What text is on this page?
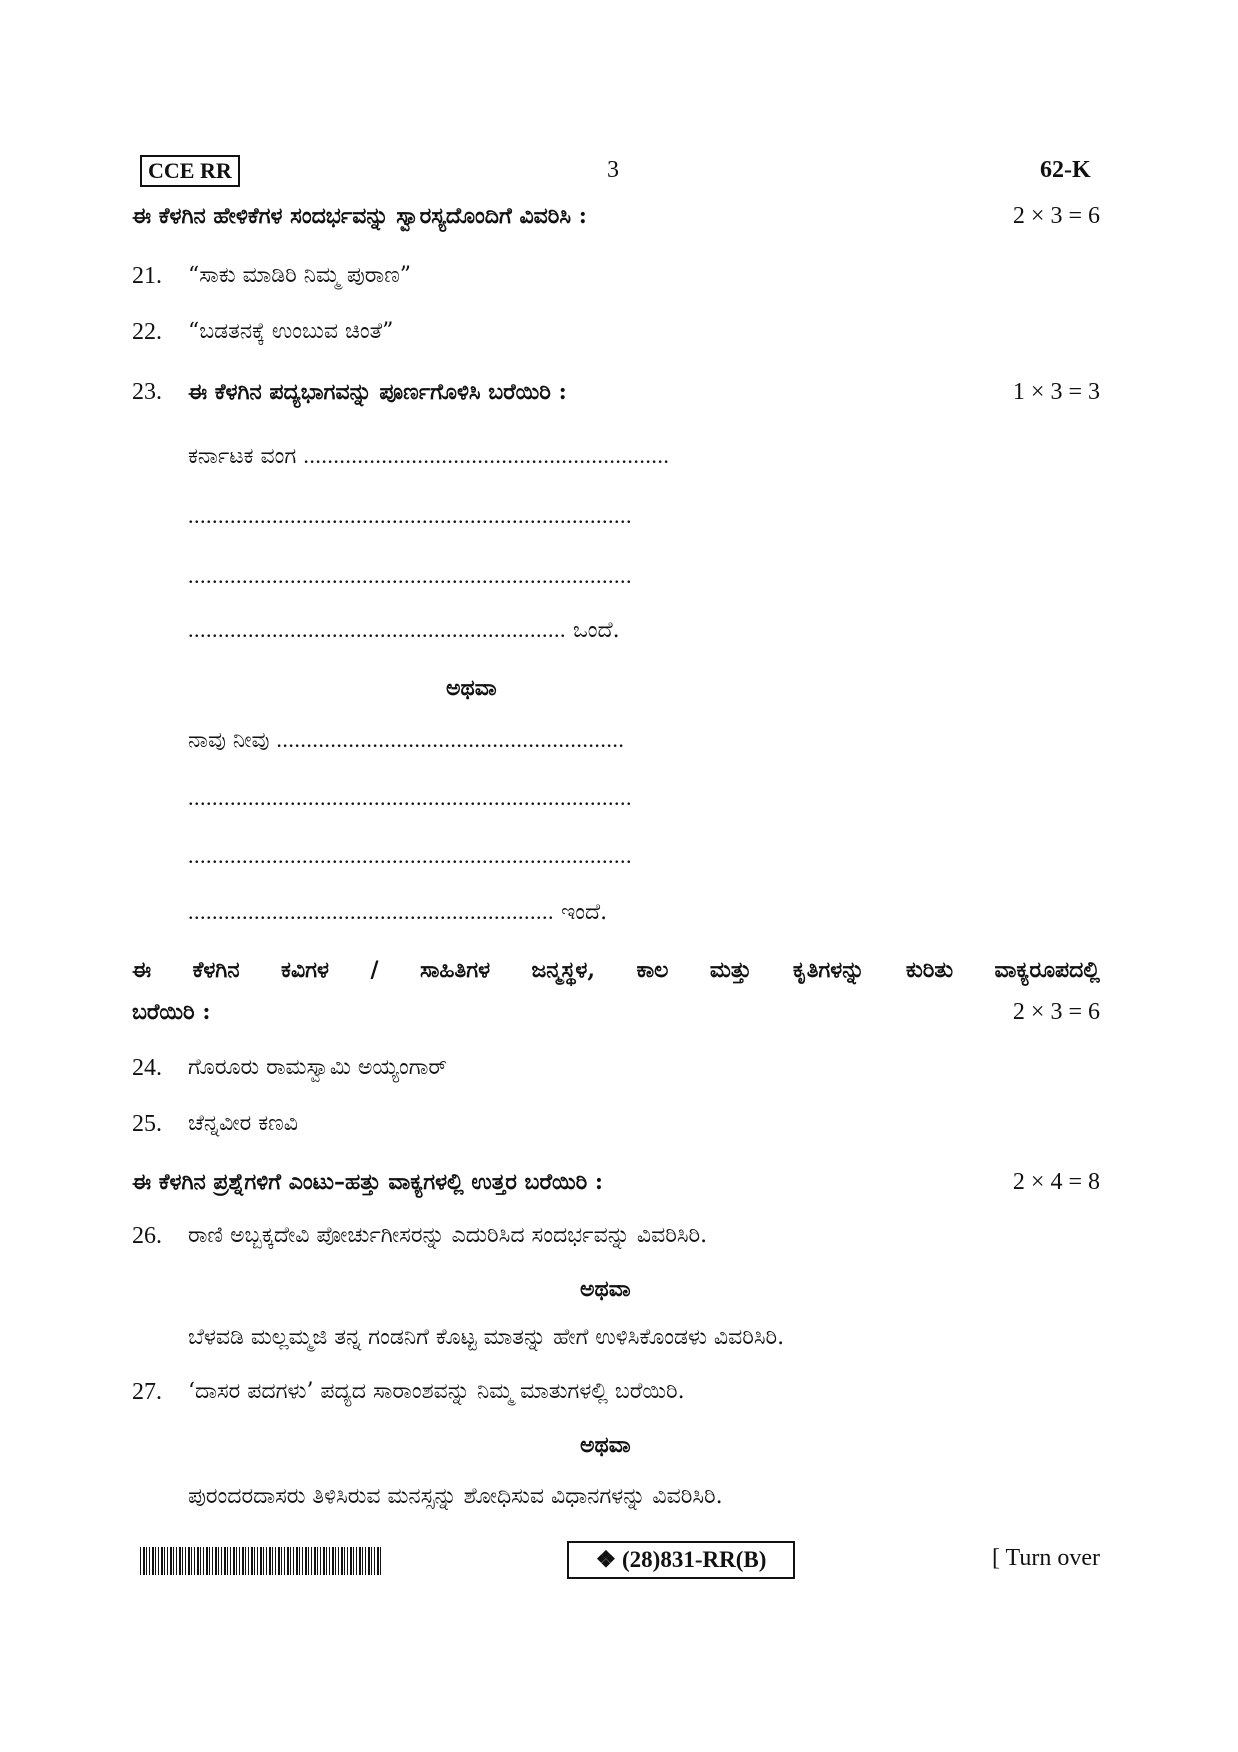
CCE RR	3	62-K
ಈ ಕೆಳಗಿನ ಹೇಳಿಕೆಗಳ ಸಂದರ್ಭವನ್ನು ಸ್ವಾರಸ್ಯದೊಂದಿಗೆ ವಿವರಿಸಿ :	2 × 3 = 6
21. “ಸಾಕು ಮಾಡಿರಿ ನಿಮ್ಮ ಪುರಾಣ”
22. “ಬಡತನಕ್ಕೆ ಉಂಬುವ ಚಿಂತೆ”
23. ಈ ಕೆಳಗಿನ ಪದ್ಯಭಾಗವನ್ನು ಪೂರ್ಣಗೊಳಿಸಿ ಬರೆಯಿರಿ :	1 × 3 = 3
ಕರ್ನಾಟಕ ವಂಗ .............................................................
..........................................................................
..........................................................................
............................................................... ಒಂದೆ.
ಅಥವಾ
ನಾವು ನೀವು ..........................................................
..........................................................................
..........................................................................
............................................................. ಇಂದೆ.
ಈ ಕೆಳಗಿನ ಕವಿಗಳ / ಸಾಹಿತಿಗಳ ಜನ್ಮಸ್ಥಳ, ಕಾಲ ಮತ್ತು ಕೃತಿಗಳನ್ನು ಕುರಿತು ವಾಕ್ಯರೂಪದಲ್ಲಿ
ಬರೆಯಿರಿ :	2 × 3 = 6
24. ಗೊರೂರು ರಾಮಸ್ವಾಮಿ ಅಯ್ಯಂಗಾರ್
25. ಚೆನ್ನವೀರ ಕಣವಿ
ಈ ಕೆಳಗಿನ ಪ್ರಶ್ನೆಗಳಿಗೆ ಎಂಟು–ಹತ್ತು ವಾಕ್ಯಗಳಲ್ಲಿ ಉತ್ತರ ಬರೆಯಿರಿ :	2 × 4 = 8
26. ರಾಣಿ ಅಬ್ಬಕ್ಕದೇವಿ ಪೋರ್ಚುಗೀಸರನ್ನು ಎದುರಿಸಿದ ಸಂದರ್ಭವನ್ನು ವಿವರಿಸಿರಿ.
ಅಥವಾ
ಬೆಳವಡಿ ಮಲ್ಲಮ್ಮಜಿ ತನ್ನ ಗಂಡನಿಗೆ ಕೊಟ್ಟ ಮಾತನ್ನು ಹೇಗೆ ಉಳಿಸಿಕೊಂಡಳು ವಿವರಿಸಿರಿ.
27. ‘ದಾಸರ ಪದಗಳು’ ಪದ್ಯದ ಸಾರಾಂಶವನ್ನು ನಿಮ್ಮ ಮಾತುಗಳಲ್ಲಿ ಬರೆಯಿರಿ.
ಅಥವಾ
ಪುರಂದರದಾಸರು ತಿಳಿಸಿರುವ ಮನಸ್ಸನ್ನು ಶೋಧಿಸುವ ವಿಧಾನಗಳನ್ನು ವಿವರಿಸಿರಿ.
❖ (28)831-RR(B)	[ Turn over
